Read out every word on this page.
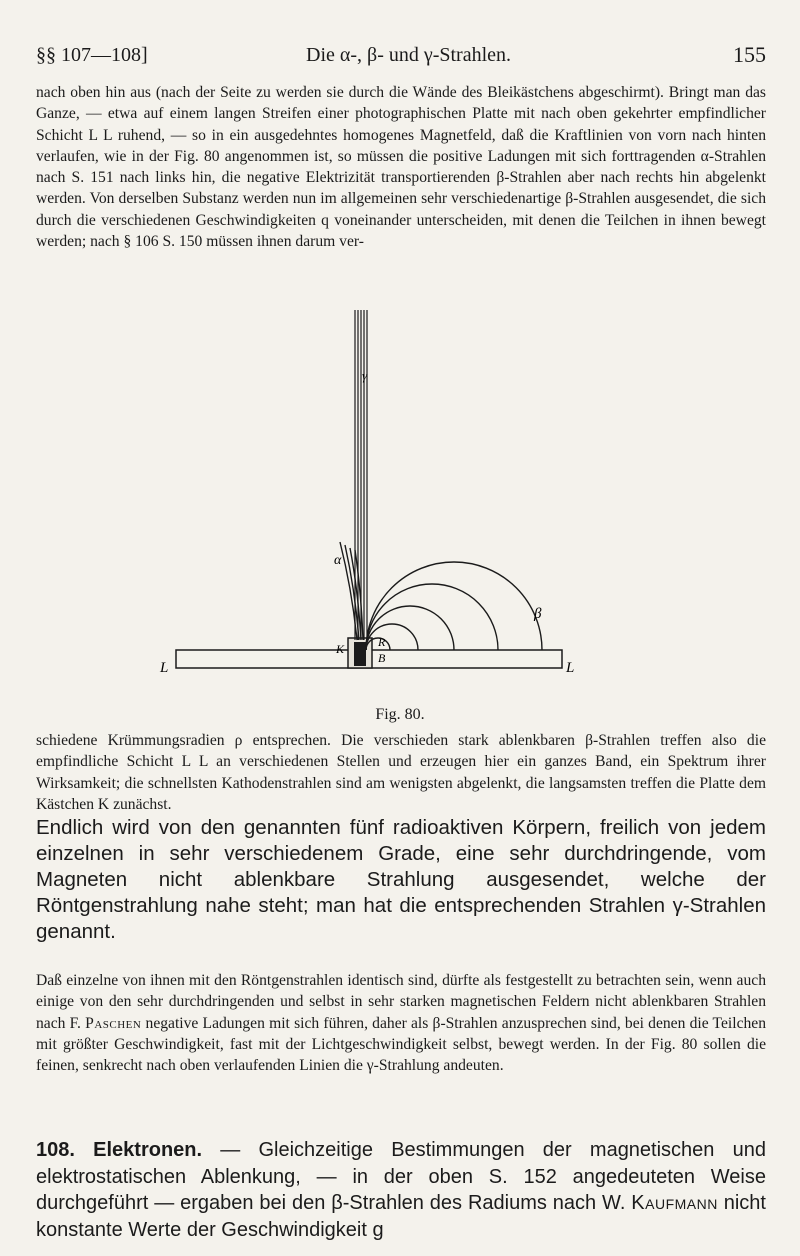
§§ 107—108]	Die α-, β- und γ-Strahlen.	155

nach oben hin aus (nach der Seite zu werden sie durch die Wände des Bleikästchens abgeschirmt). Bringt man das Ganze, — etwa auf einem langen Streifen einer photographischen Platte mit nach oben gekehrter empfindlicher Schicht L L ruhend, — so in ein ausgedehntes homogenes Magnetfeld, daß die Kraftlinien von vorn nach hinten verlaufen, wie in der Fig. 80 angenommen ist, so müssen die positive Ladungen mit sich forttragenden α-Strahlen nach S. 151 nach links hin, die negative Elektrizität transportierenden β-Strahlen aber nach rechts hin abgelenkt werden. Von derselben Substanz werden nun im allgemeinen sehr verschiedenartige β-Strahlen ausgesendet, die sich durch die verschiedenen Geschwindigkeiten q voneinander unterscheiden, mit denen die Teilchen in ihnen bewegt werden; nach § 106 S. 150 müssen ihnen darum ver-

γ
α
β
K	R
B
L	L
Fig. 80.

schiedene Krümmungsradien ρ entsprechen. Die verschieden stark ablenkbaren β-Strahlen treffen also die empfindliche Schicht L L an verschiedenen Stellen und erzeugen hier ein ganzes Band, ein Spektrum ihrer Wirksamkeit; die schnellsten Kathodenstrahlen sind am wenigsten abgelenkt, die langsamsten treffen die Platte dem Kästchen K zunächst.

Endlich wird von den genannten fünf radioaktiven Körpern, freilich von jedem einzelnen in sehr verschiedenem Grade, eine sehr durchdringende, vom Magneten nicht ablenkbare Strahlung ausgesendet, welche der Röntgenstrahlung nahe steht; man hat die entsprechenden Strahlen γ-Strahlen genannt.

Daß einzelne von ihnen mit den Röntgenstrahlen identisch sind, dürfte als festgestellt zu betrachten sein, wenn auch einige von den sehr durchdringenden und selbst in sehr starken magnetischen Feldern nicht ablenkbaren Strahlen nach F. Paschen negative Ladungen mit sich führen, daher als β-Strahlen anzusprechen sind, bei denen die Teilchen mit größter Geschwindigkeit, fast mit der Lichtgeschwindigkeit selbst, bewegt werden. In der Fig. 80 sollen die feinen, senkrecht nach oben verlaufenden Linien die γ-Strahlung andeuten.

108. Elektronen. — Gleichzeitige Bestimmungen der magnetischen und elektrostatischen Ablenkung, — in der oben S. 152 angedeuteten Weise durchgeführt — ergaben bei den β-Strahlen des Radiums nach W. Kaufmann nicht konstante Werte der Geschwindigkeit g
